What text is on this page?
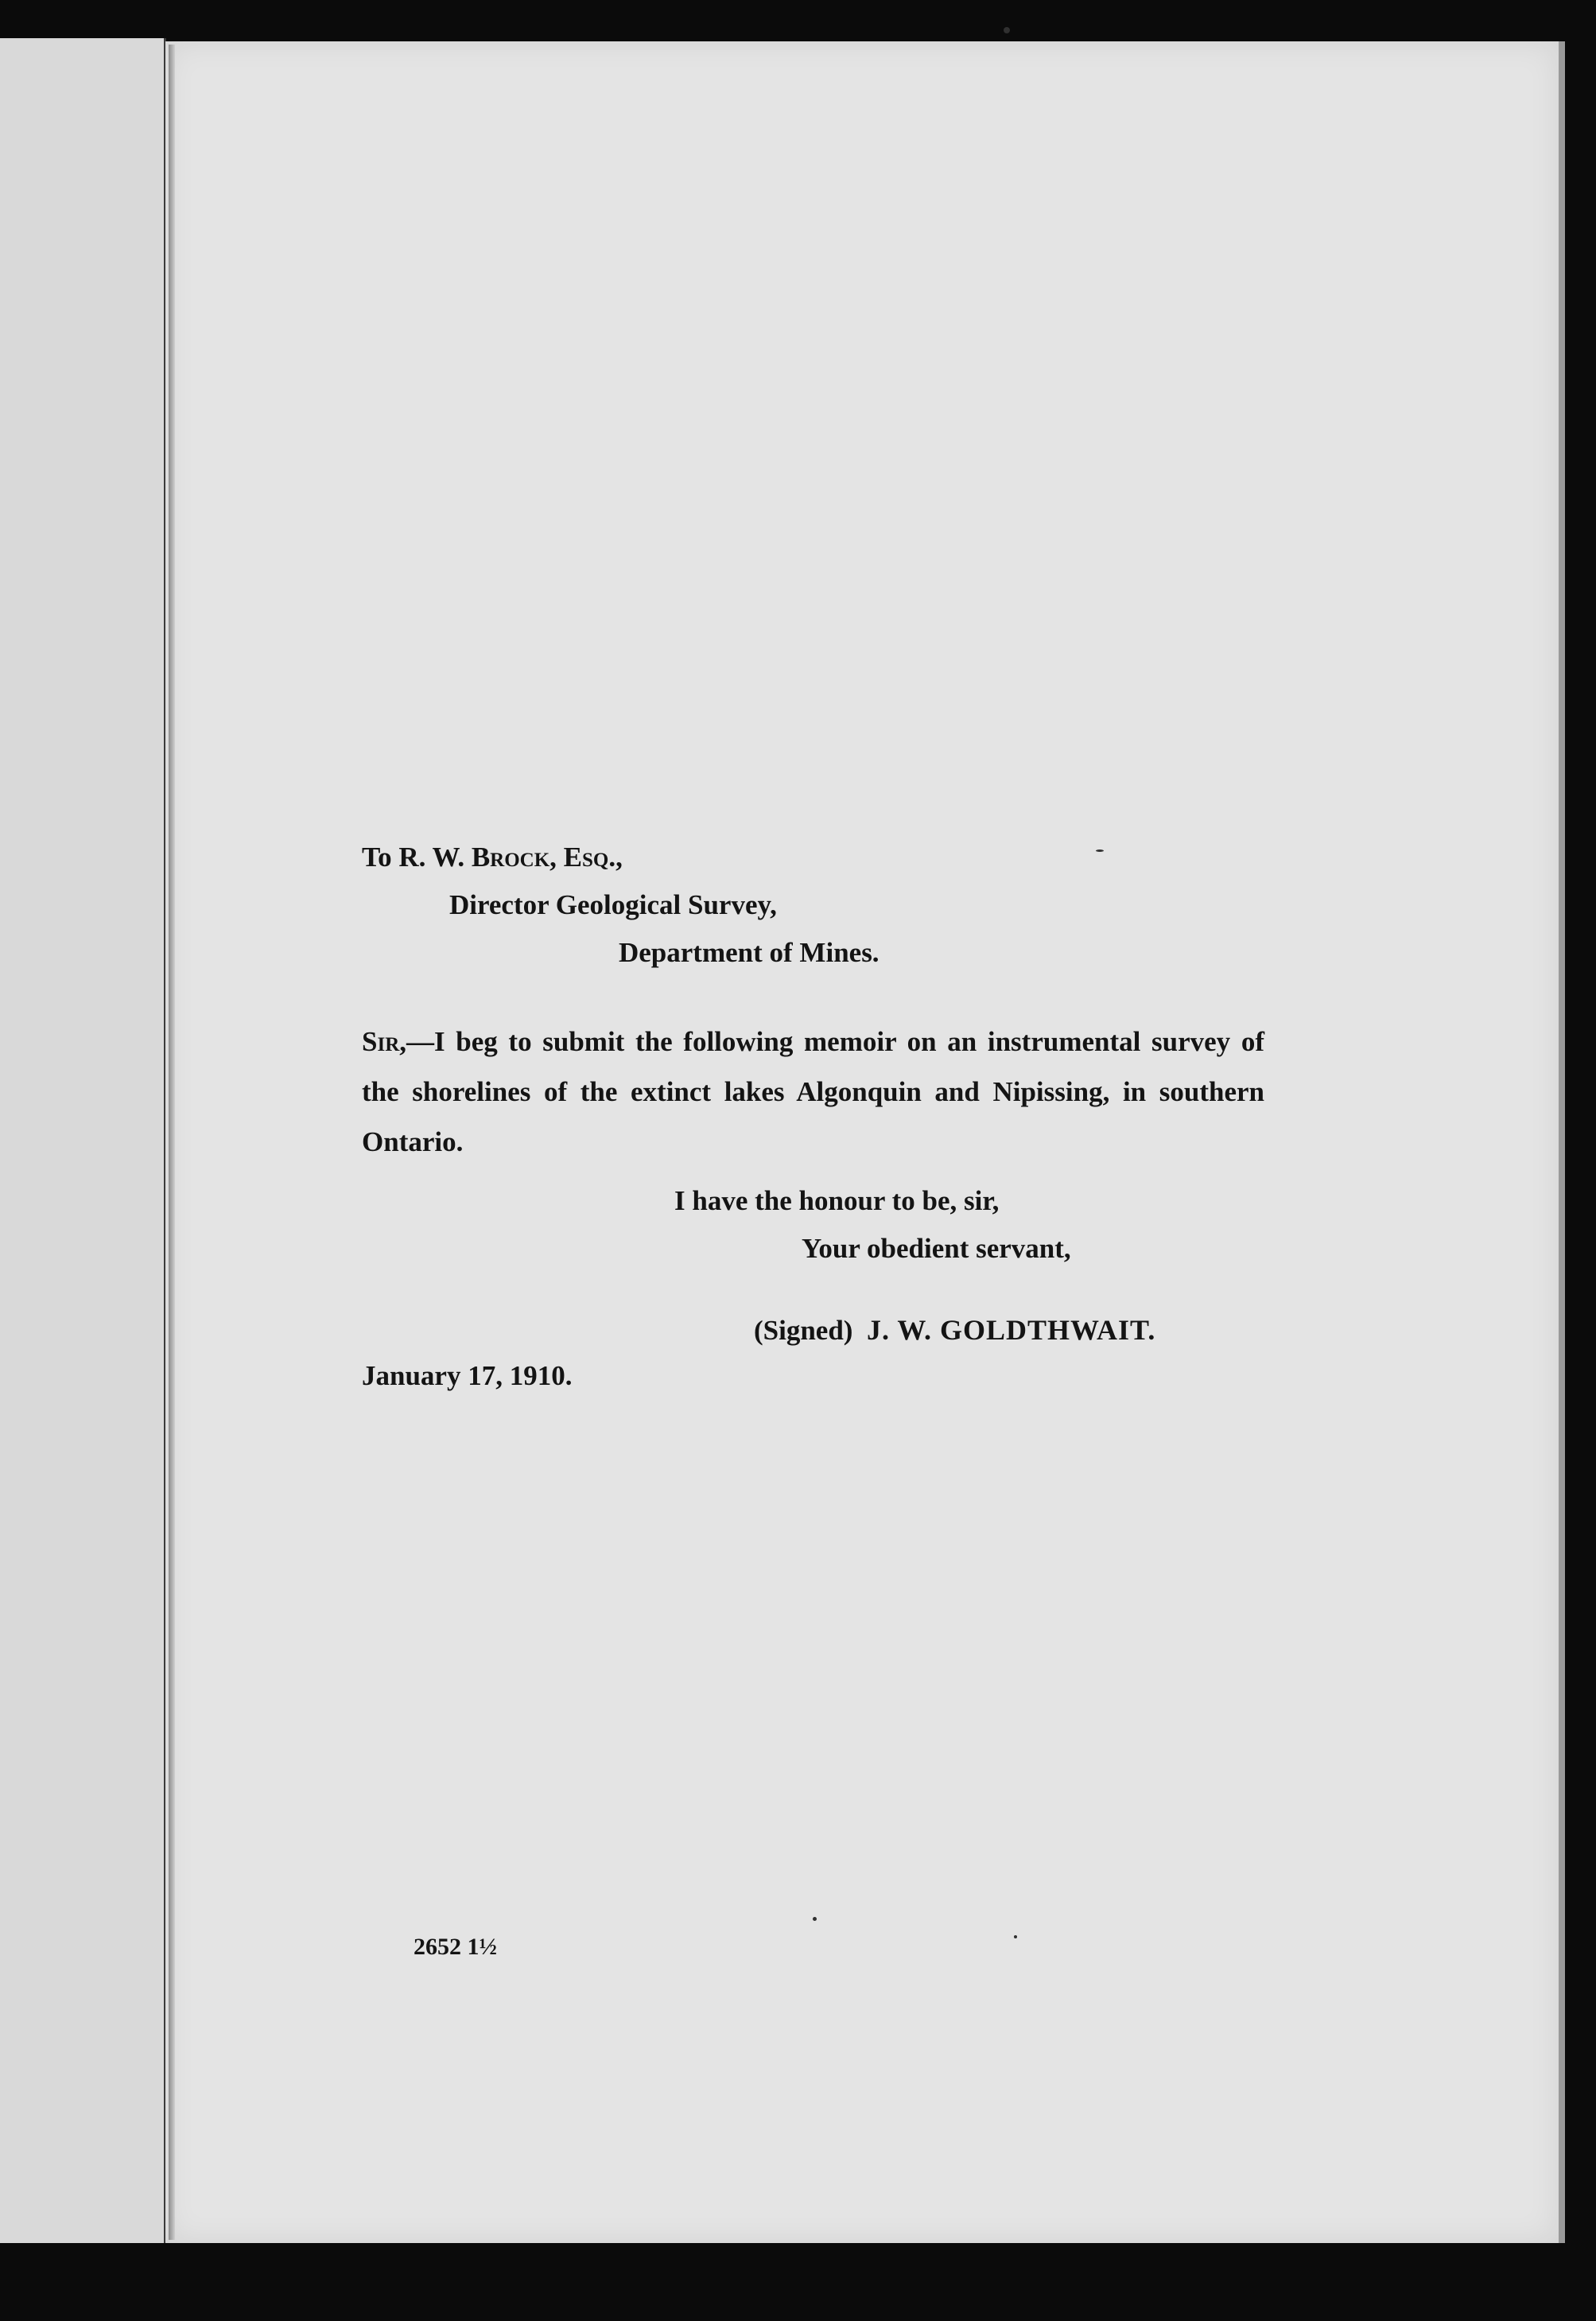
To R. W. Brock, Esq.,

Director Geological Survey,

Department of Mines.

Sir,—I beg to submit the following memoir on an instrumental survey of the shorelines of the extinct lakes Algonquin and Nipissing, in southern Ontario.

I have the honour to be, sir,

Your obedient servant,

(Signed) J. W. GOLDTHWAIT.

January 17, 1910.

2652 1½
